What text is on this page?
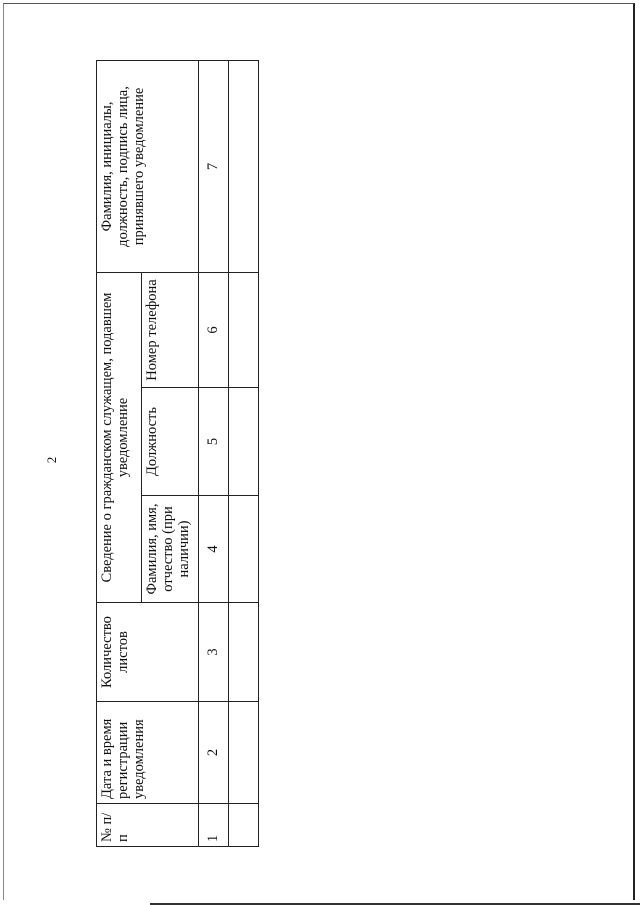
2
№ п/п	Дата и время регистрации уведомления	Количество листов	Сведение о гражданском служащем, подавшем уведомление			Фамилия, инициалы, должность, подпись лица, принявшего уведомление
			Фамилия, имя, отчество (при наличии)	Должность	Номер телефона	
1	2	3	4	5	6	7
